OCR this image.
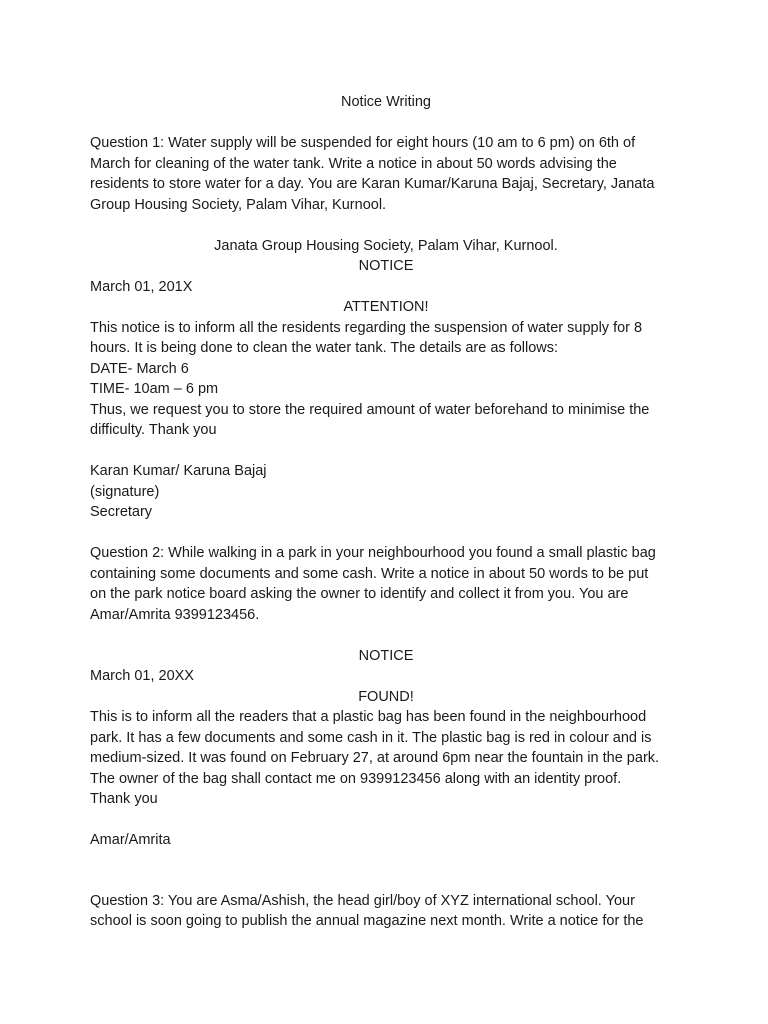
Notice Writing
Question 1: Water supply will be suspended for eight hours (10 am to 6 pm) on 6th of
March for cleaning of the water tank. Write a notice in about 50 words advising the
residents to store water for a day. You are Karan Kumar/Karuna Bajaj, Secretary, Janata
Group Housing Society, Palam Vihar, Kurnool.
Janata Group Housing Society, Palam Vihar, Kurnool.
NOTICE
March 01, 201X
ATTENTION!
This notice is to inform all the residents regarding the suspension of water supply for 8
hours. It is being done to clean the water tank. The details are as follows:
DATE- March 6
TIME- 10am – 6 pm
Thus, we request you to store the required amount of water beforehand to minimise the
difficulty. Thank you
Karan Kumar/ Karuna Bajaj
(signature)
Secretary
Question 2: While walking in a park in your neighbourhood you found a small plastic bag
containing some documents and some cash. Write a notice in about 50 words to be put
on the park notice board asking the owner to identify and collect it from you. You are
Amar/Amrita 9399123456.
NOTICE
March 01, 20XX
FOUND!
This is to inform all the readers that a plastic bag has been found in the neighbourhood
park. It has a few documents and some cash in it. The plastic bag is red in colour and is
medium-sized. It was found on February 27, at around 6pm near the fountain in the park.
The owner of the bag shall contact me on 9399123456 along with an identity proof.
Thank you
Amar/Amrita
Question 3: You are Asma/Ashish, the head girl/boy of XYZ international school. Your
school is soon going to publish the annual magazine next month. Write a notice for the
